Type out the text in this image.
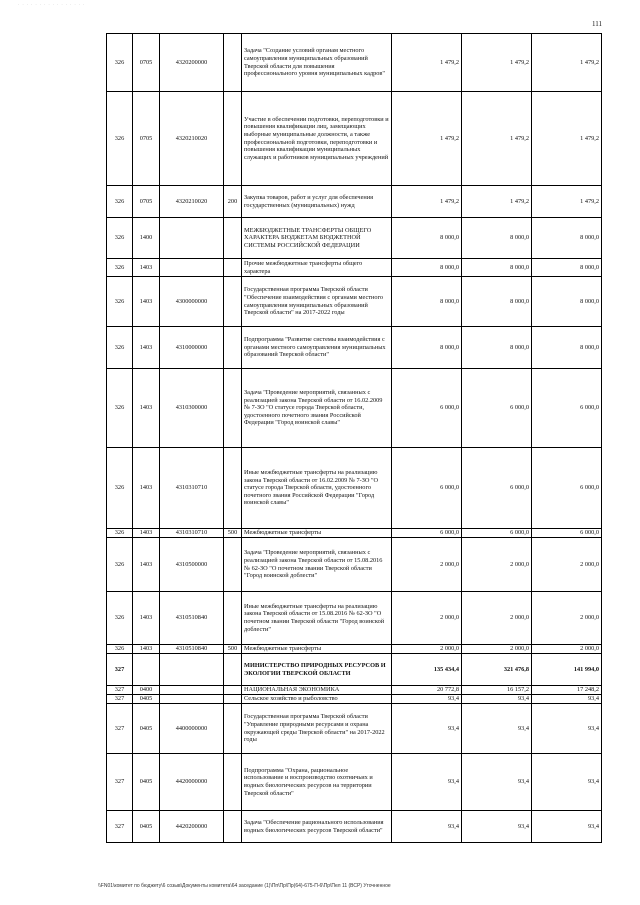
· · · · · · · · · · · · · · · ·
111
326	0705	4320200000		Задача "Создание условий органам местного самоуправления муниципальных образований Тверской области для повышения профессионального уровня муниципальных кадров"	1 479,2	1 479,2	1 479,2
326	0705	4320210020		Участие в обеспечении подготовки, переподготовки и повышения квалификации лиц, замещающих выборные муниципальные должности, а также профессиональной подготовки, переподготовки и повышения квалификации муниципальных служащих и работников муниципальных учреждений	1 479,2	1 479,2	1 479,2
326	0705	4320210020	200	Закупка товаров, работ и услуг для обеспечения государственных (муниципальных) нужд	1 479,2	1 479,2	1 479,2
326	1400			МЕЖБЮДЖЕТНЫЕ ТРАНСФЕРТЫ ОБЩЕГО ХАРАКТЕРА БЮДЖЕТАМ БЮДЖЕТНОЙ СИСТЕМЫ РОССИЙСКОЙ ФЕДЕРАЦИИ	8 000,0	8 000,0	8 000,0
326	1403			Прочие межбюджетные трансферты общего характера	8 000,0	8 000,0	8 000,0
326	1403	4300000000		Государственная программа Тверской области "Обеспечение взаимодействия с органами местного самоуправления муниципальных образований Тверской области" на 2017-2022 годы	8 000,0	8 000,0	8 000,0
326	1403	4310000000		Подпрограмма "Развитие системы взаимодействия с органами местного самоуправления муниципальных образований Тверской области"	8 000,0	8 000,0	8 000,0
326	1403	4310300000		Задача "Проведение мероприятий, связанных с реализацией закона Тверской области от 16.02.2009 № 7-ЗО "О статусе города Тверской области, удостоенного почетного звания Российской Федерации "Город воинской славы"	6 000,0	6 000,0	6 000,0
326	1403	4310310710		Иные межбюджетные трансферты на реализацию закона Тверской области от 16.02.2009 № 7-ЗО "О статусе города Тверской области, удостоенного почетного звания Российской Федерации "Город воинской славы"	6 000,0	6 000,0	6 000,0
326	1403	4310310710	500	Межбюджетные трансферты	6 000,0	6 000,0	6 000,0
326	1403	4310500000		Задача "Проведение мероприятий, связанных с реализацией закона Тверской области от 15.08.2016 № 62-ЗО "О почетном звании Тверской области "Город воинской доблести"	2 000,0	2 000,0	2 000,0
326	1403	4310510840		Иные межбюджетные трансферты на реализацию закона Тверской области от 15.08.2016 № 62-ЗО "О почетном звании Тверской области "Город воинской доблести"	2 000,0	2 000,0	2 000,0
326	1403	4310510840	500	Межбюджетные трансферты	2 000,0	2 000,0	2 000,0
327				МИНИСТЕРСТВО ПРИРОДНЫХ РЕСУРСОВ И ЭКОЛОГИИ ТВЕРСКОЙ ОБЛАСТИ	135 434,4	321 476,8	141 994,0
327	0400			НАЦИОНАЛЬНАЯ ЭКОНОМИКА	20 772,8	16 157,2	17 248,2
327	0405			Сельское хозяйство и рыболовство	93,4	93,4	93,4
327	0405	4400000000		Государственная программа Тверской области "Управление природными ресурсами и охрана окружающей среды Тверской области" на 2017-2022 годы	93,4	93,4	93,4
327	0405	4420000000		Подпрограмма "Охрана, рациональное использование и воспроизводство охотничьих и водных биологических ресурсов на территории Тверской области"	93,4	93,4	93,4
327	0405	4420200000		Задача "Обеспечение рационального использования водных биологических ресурсов Тверской области"	93,4	93,4	93,4
\\FN01\комитет по бюджету\6 созыв\Документы комитета\64 заседание (1)\Пп\Пр\Пр(64)-675-П-6\Пр\Пел 11 (ВСР) Уточненное
